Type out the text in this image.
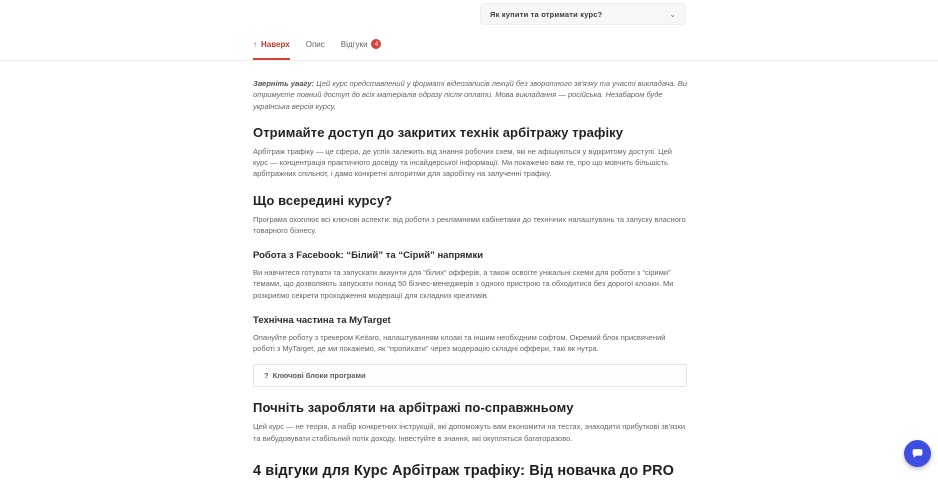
Як купити та отримати курс?	⌄
↑ Наверх Опис Відгуки	4

Зверніть увагу: Цей курс представлений у форматі відеозаписів лекцій без зворотного зв'язку та участі викладача. Ви отримуєте повний доступ до всіх матеріалів одразу після оплати. Мова викладання — російська. Незабаром буде українська версія курсу.

Отримайте доступ до закритих технік арбітражу трафіку

Арбітраж трафіку — це сфера, де успіх залежить від знання робочих схем, які не афішуються у відкритому доступі. Цей курс — концентрація практичного досвіду та інсайдерської інформації. Ми покажемо вам те, про що мовчить більшість арбітражних спільнот, і дамо конкретні алгоритми для заробітку на залученні трафіку.

Що всередині курсу?

Програма охоплює всі ключові аспекти: від роботи з рекламними кабінетами до технічних налаштувань та запуску власного товарного бізнесу.

Робота з Facebook: “Білий” та “Сірий” напрямки

Ви навчитеся готувати та запускати акаунти для “білих” офферів, а також освоїте унікальні схеми для роботи з “сірими” темами, що дозволяють запускати понад 50 бізнес-менеджерів з одного пристрою та обходитися без дорогої клоаки. Ми розкриємо секрети проходження модерації для складних креативів.

Технічна частина та MyTarget

Опануйте роботу з трекером Keitaro, налаштуванням клоакі та іншим необхідним софтом. Окремий блок присвячений роботі з MyTarget, де ми покажемо, як “пропихати” через модерацію складні оффери, такі як нутра.

? Ключові блоки програми
Почніть заробляти на арбітражі по-справжньому

Цей курс — не теорія, а набір конкретних інструкцій, які допоможуть вам економити на тестах, знаходити прибуткові зв'язки та вибудовувати стабільний потік доходу. Інвестуйте в знання, які окупляться багаторазово.

4 відгуки для Курс Арбітраж трафіку: Від новачка до PRO
